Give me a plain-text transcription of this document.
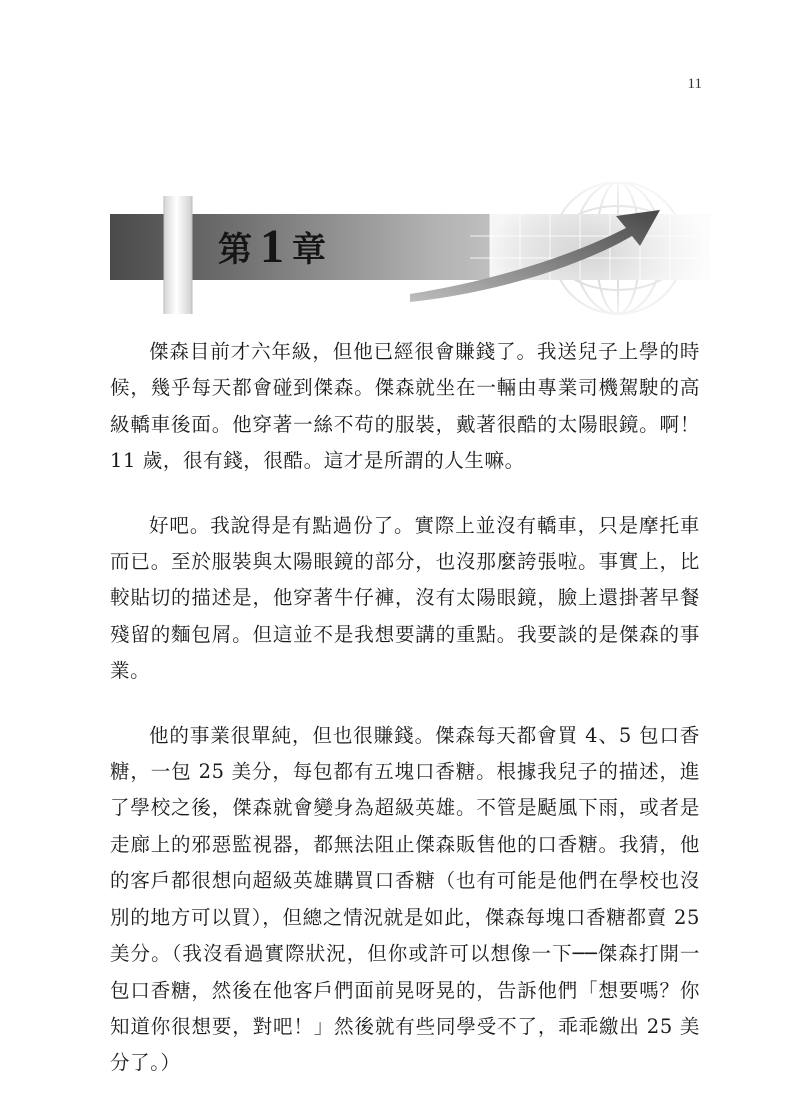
11
第 1 章

傑森目前才六年級，但他已經很會賺錢了。我送兒子上學的時候，幾乎每天都會碰到傑森。傑森就坐在一輛由專業司機駕駛的高級轎車後面。他穿著一絲不苟的服裝，戴著很酷的太陽眼鏡。啊！ 11 歲，很有錢，很酷。這才是所謂的人生嘛。

好吧。我說得是有點過份了。實際上並沒有轎車，只是摩托車而已。至於服裝與太陽眼鏡的部分，也沒那麼誇張啦。事實上，比較貼切的描述是，他穿著牛仔褲，沒有太陽眼鏡，臉上還掛著早餐殘留的麵包屑。但這並不是我想要講的重點。我要談的是傑森的事業。

他的事業很單純，但也很賺錢。傑森每天都會買 4、5 包口香糖，一包 25 美分，每包都有五塊口香糖。根據我兒子的描述，進了學校之後，傑森就會變身為超級英雄。不管是颳風下雨，或者是走廊上的邪惡監視器，都無法阻止傑森販售他的口香糖。我猜，他的客戶都很想向超級英雄購買口香糖（也有可能是他們在學校也沒別的地方可以買），但總之情況就是如此，傑森每塊口香糖都賣 25 美分。（我沒看過實際狀況，但你或許可以想像一下──傑森打開一包口香糖，然後在他客戶們面前晃呀晃的，告訴他們「想要嗎？你知道你很想要，對吧！」然後就有些同學受不了，乖乖繳出 25 美分了。）
